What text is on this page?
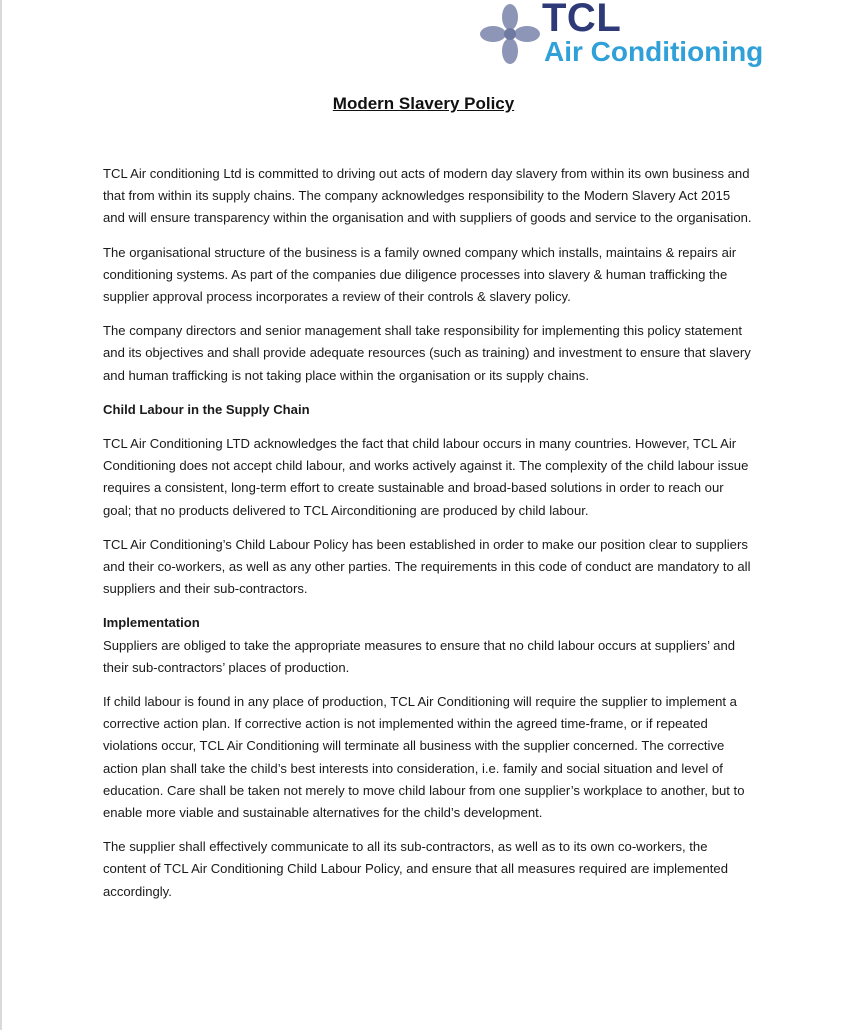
TCL
Air Conditioning
Modern Slavery Policy

TCL Air conditioning Ltd is committed to driving out acts of modern day slavery from within its own business and that from within its supply chains. The company acknowledges responsibility to the Modern Slavery Act 2015 and will ensure transparency within the organisation and with suppliers of goods and service to the organisation.

The organisational structure of the business is a family owned company which installs, maintains & repairs air conditioning systems. As part of the companies due diligence processes into slavery & human trafficking the supplier approval process incorporates a review of their controls & slavery policy.

The company directors and senior management shall take responsibility for implementing this policy statement and its objectives and shall provide adequate resources (such as training) and investment to ensure that slavery and human trafficking is not taking place within the organisation or its supply chains.

Child Labour in the Supply Chain

TCL Air Conditioning LTD acknowledges the fact that child labour occurs in many countries. However, TCL Air Conditioning does not accept child labour, and works actively against it. The complexity of the child labour issue requires a consistent, long-term effort to create sustainable and broad-based solutions in order to reach our goal; that no products delivered to TCL Airconditioning are produced by child labour.

TCL Air Conditioning’s Child Labour Policy has been established in order to make our position clear to suppliers and their co-workers, as well as any other parties. The requirements in this code of conduct are mandatory to all suppliers and their sub-contractors.

Implementation

Suppliers are obliged to take the appropriate measures to ensure that no child labour occurs at suppliers’ and their sub-contractors’ places of production.

If child labour is found in any place of production, TCL Air Conditioning will require the supplier to implement a corrective action plan. If corrective action is not implemented within the agreed time-frame, or if repeated violations occur, TCL Air Conditioning will terminate all business with the supplier concerned. The corrective action plan shall take the child’s best interests into consideration, i.e. family and social situation and level of education. Care shall be taken not merely to move child labour from one supplier’s workplace to another, but to enable more viable and sustainable alternatives for the child’s development.

The supplier shall effectively communicate to all its sub-contractors, as well as to its own co-workers, the content of TCL Air Conditioning Child Labour Policy, and ensure that all measures required are implemented accordingly.
